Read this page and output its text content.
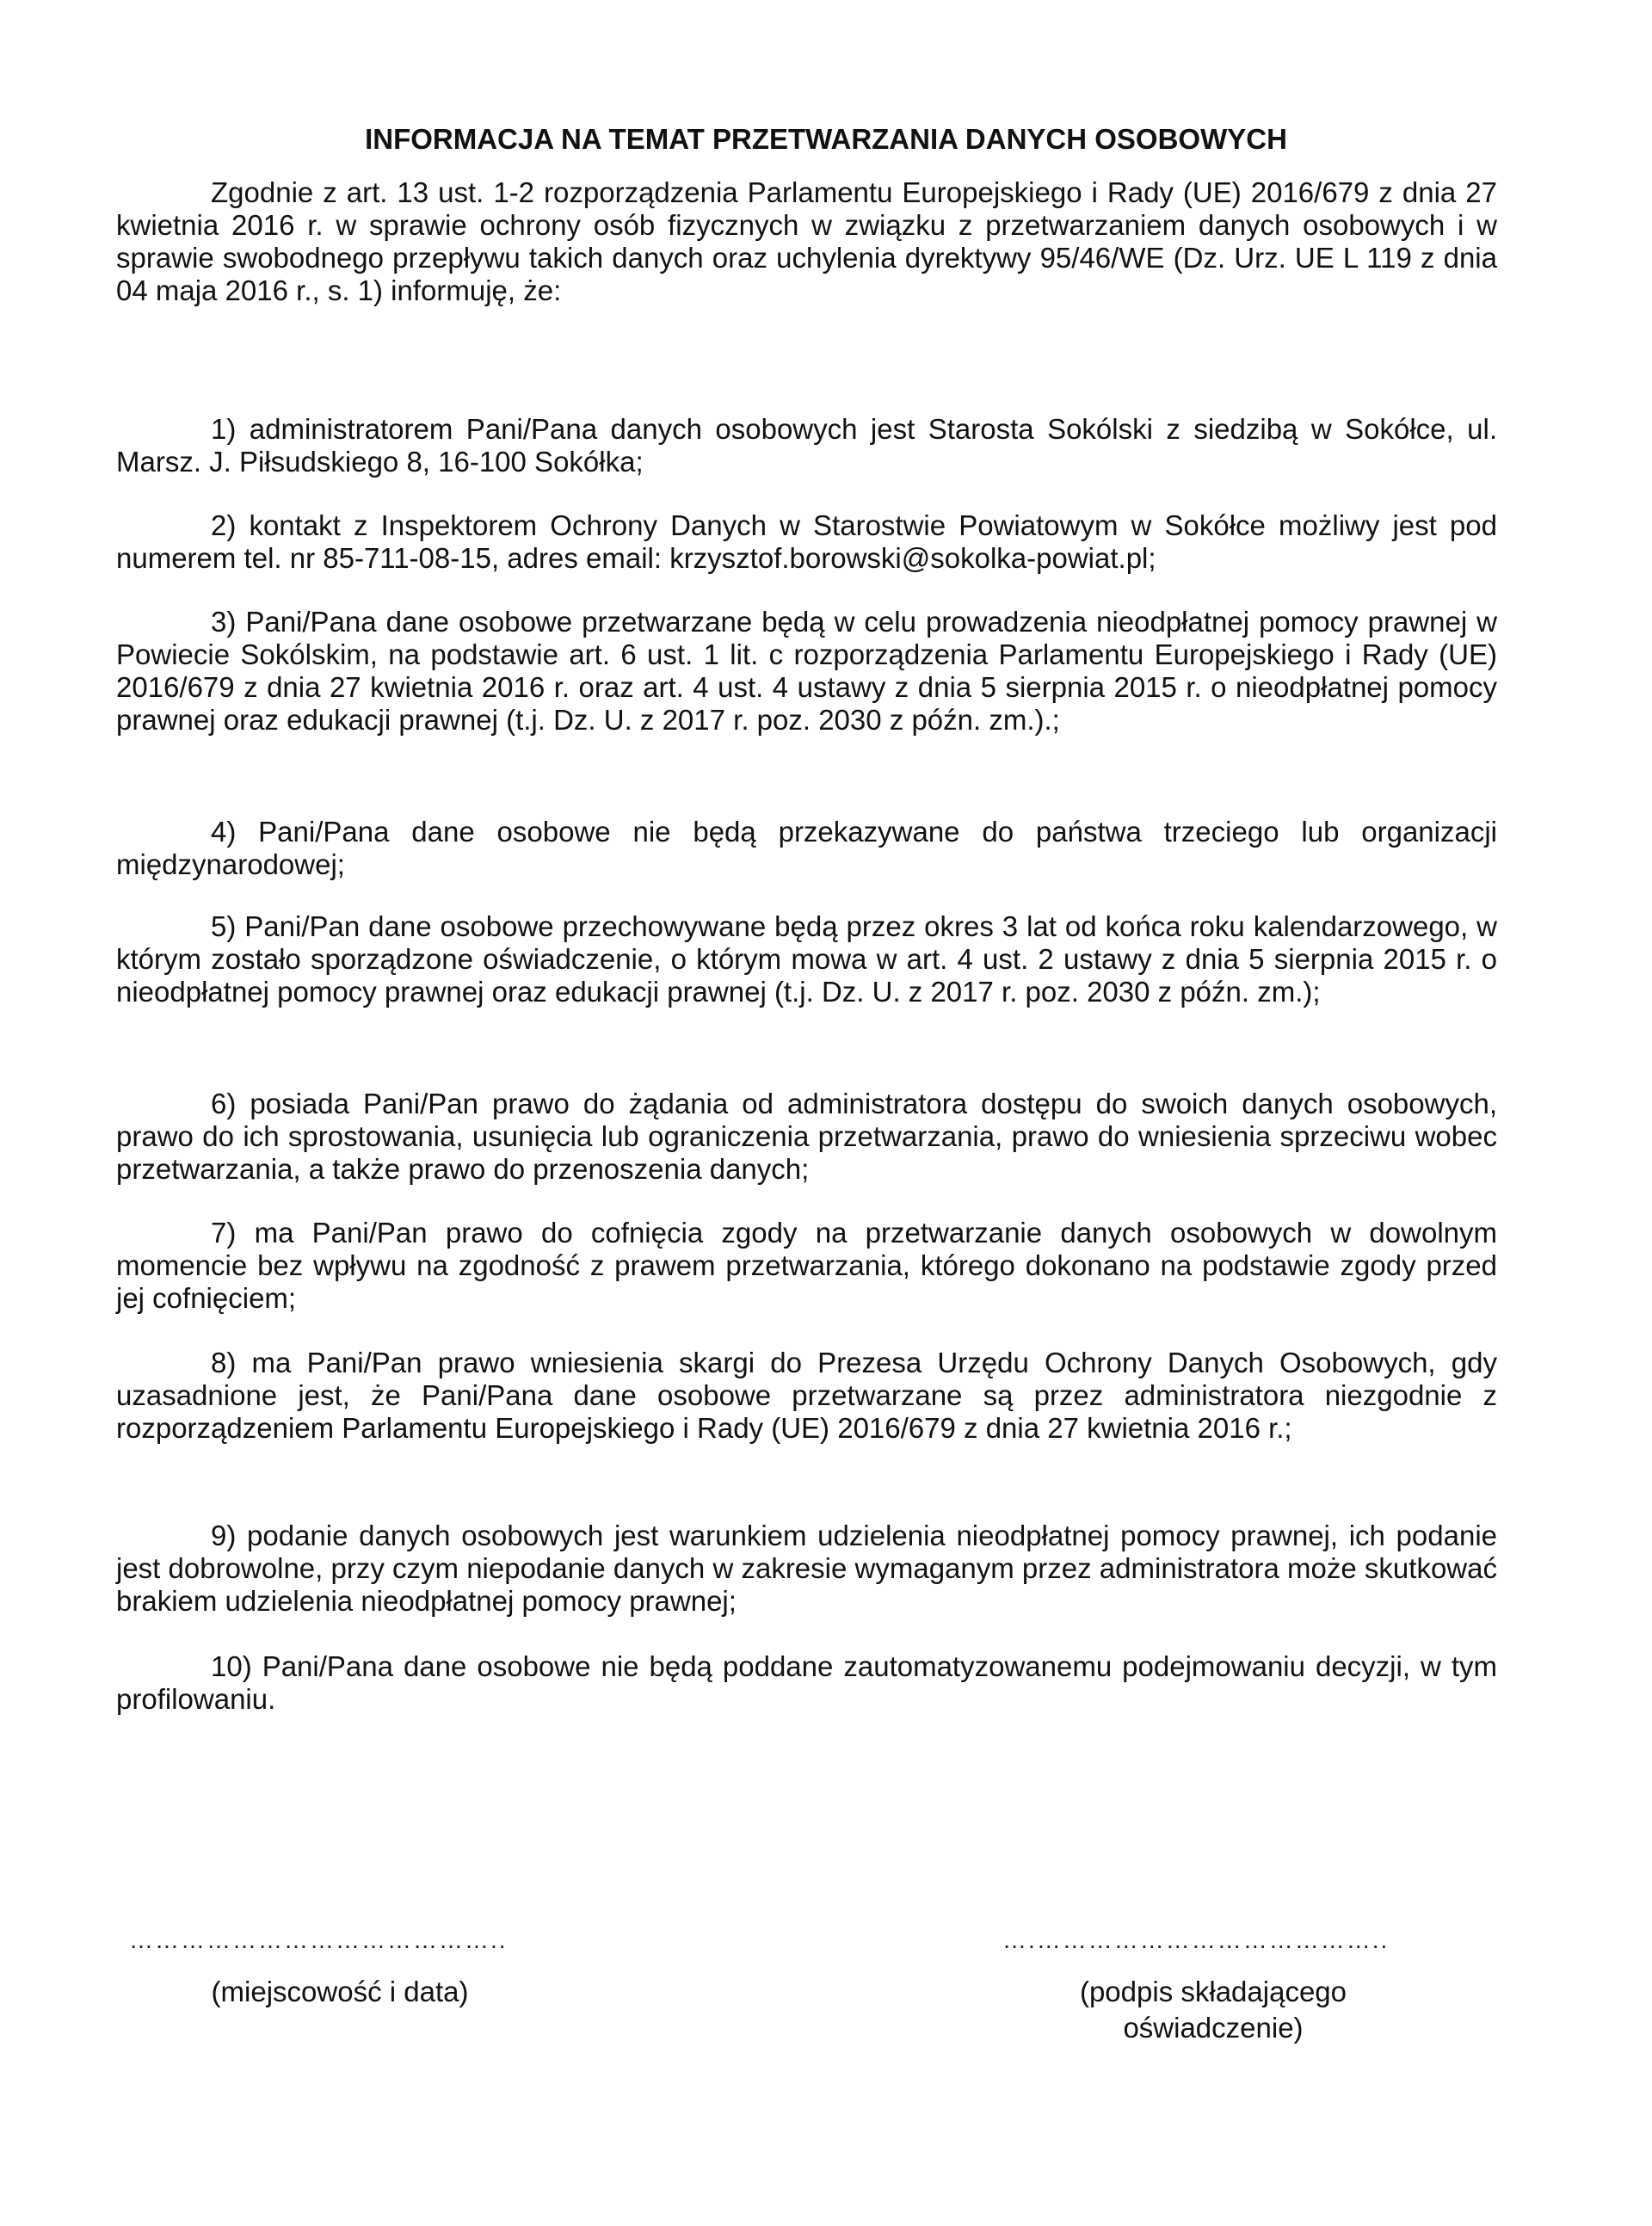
INFORMACJA NA TEMAT PRZETWARZANIA DANYCH OSOBOWYCH

Zgodnie z art. 13 ust. 1-2 rozporządzenia Parlamentu Europejskiego i Rady (UE) 2016/679 z dnia 27 kwietnia 2016 r. w sprawie ochrony osób fizycznych w związku z przetwarzaniem danych osobowych i w sprawie swobodnego przepływu takich danych oraz uchylenia dyrektywy 95/46/WE (Dz. Urz. UE L 119 z dnia 04 maja 2016 r., s. 1) informuję, że:

1) administratorem Pani/Pana danych osobowych jest Starosta Sokólski z siedzibą w Sokółce, ul. Marsz. J. Piłsudskiego 8, 16-100 Sokółka;

2) kontakt z Inspektorem Ochrony Danych w Starostwie Powiatowym w Sokółce możliwy jest pod numerem tel. nr 85-711-08-15, adres email: krzysztof.borowski@sokolka-powiat.pl;

3) Pani/Pana dane osobowe przetwarzane będą w celu prowadzenia nieodpłatnej pomocy prawnej w Powiecie Sokólskim, na podstawie art. 6 ust. 1 lit. c rozporządzenia Parlamentu Europejskiego i Rady (UE) 2016/679 z dnia 27 kwietnia 2016 r. oraz art. 4 ust. 4 ustawy z dnia 5 sierpnia 2015 r. o nieodpłatnej pomocy prawnej oraz edukacji prawnej (t.j. Dz. U. z 2017 r. poz. 2030 z późn. zm.).;

4) Pani/Pana dane osobowe nie będą przekazywane do państwa trzeciego lub organizacji międzynarodowej;

5) Pani/Pan dane osobowe przechowywane będą przez okres 3 lat od końca roku kalendarzowego, w którym zostało sporządzone oświadczenie, o którym mowa w art. 4 ust. 2 ustawy z dnia 5 sierpnia 2015 r. o nieodpłatnej pomocy prawnej oraz edukacji prawnej (t.j. Dz. U. z 2017 r. poz. 2030 z późn. zm.);

6) posiada Pani/Pan prawo do żądania od administratora dostępu do swoich danych osobowych, prawo do ich sprostowania, usunięcia lub ograniczenia przetwarzania, prawo do wniesienia sprzeciwu wobec przetwarzania, a także prawo do przenoszenia danych;

7) ma Pani/Pan prawo do cofnięcia zgody na przetwarzanie danych osobowych w dowolnym momencie bez wpływu na zgodność z prawem przetwarzania, którego dokonano na podstawie zgody przed jej cofnięciem;

8) ma Pani/Pan prawo wniesienia skargi do Prezesa Urzędu Ochrony Danych Osobowych, gdy uzasadnione jest, że Pani/Pana dane osobowe przetwarzane są przez administratora niezgodnie z rozporządzeniem Parlamentu Europejskiego i Rady (UE) 2016/679 z dnia 27 kwietnia 2016 r.;

9) podanie danych osobowych jest warunkiem udzielenia nieodpłatnej pomocy prawnej, ich podanie jest dobrowolne, przy czym niepodanie danych w zakresie wymaganym przez administratora może skutkować brakiem udzielenia nieodpłatnej pomocy prawnej;

10) Pani/Pana dane osobowe nie będą poddane zautomatyzowanemu podejmowaniu decyzji, w tym profilowaniu.

……………………………………..

(miejscowość i data)

….…………………………………..

(podpis składającego

oświadczenie)
